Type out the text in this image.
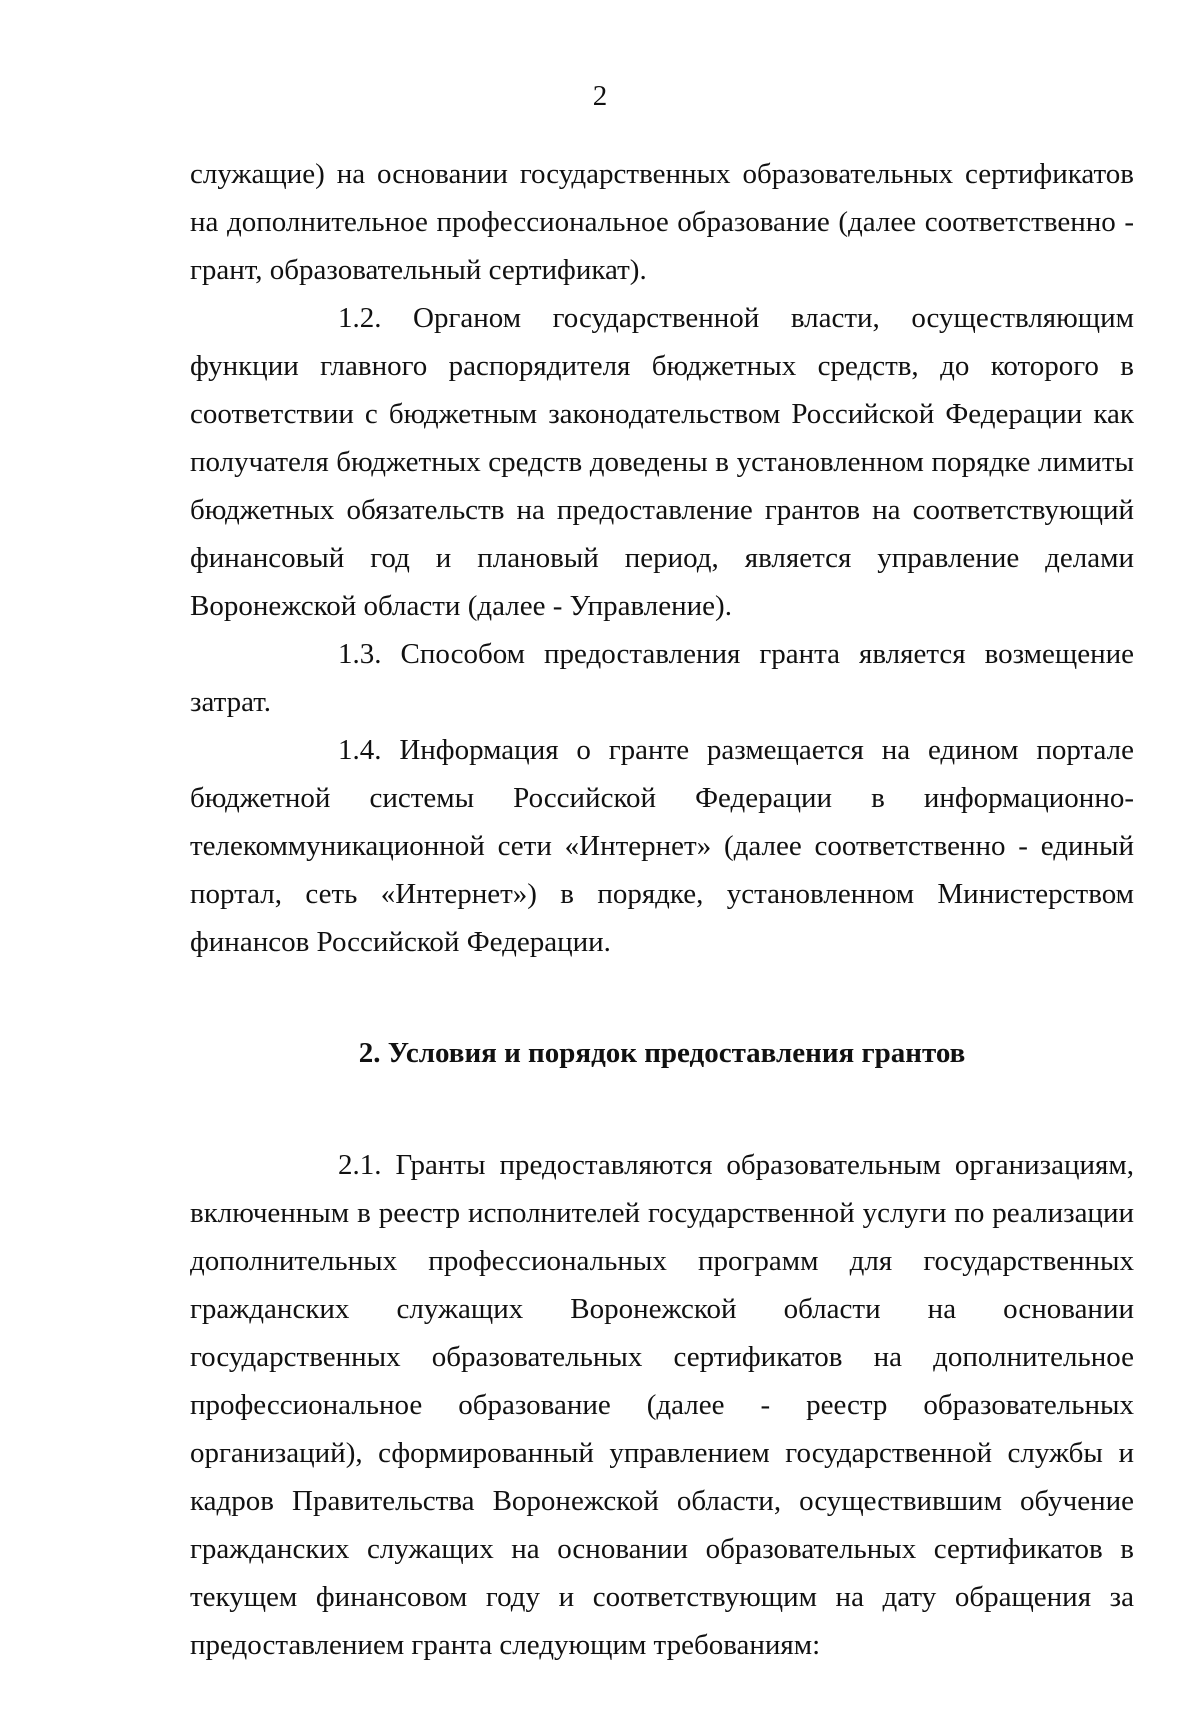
2

служащие) на основании государственных образовательных сертификатов на дополнительное профессиональное образование (далее соответственно - грант, образовательный сертификат).

1.2. Органом государственной власти, осуществляющим функции главного распорядителя бюджетных средств, до которого в соответствии с бюджетным законодательством Российской Федерации как получателя бюджетных средств доведены в установленном порядке лимиты бюджетных обязательств на предоставление грантов на соответствующий финансовый год и плановый период, является управление делами Воронежской области (далее - Управление).

1.3. Способом предоставления гранта является возмещение затрат.

1.4. Информация о гранте размещается на едином портале бюджетной системы Российской Федерации в информационно-телекоммуникационной сети «Интернет» (далее соответственно - единый портал, сеть «Интернет») в порядке, установленном Министерством финансов Российской Федерации.

2. Условия и порядок предоставления грантов

2.1. Гранты предоставляются образовательным организациям, включенным в реестр исполнителей государственной услуги по реализации дополнительных профессиональных программ для государственных гражданских служащих Воронежской области на основании государственных образовательных сертификатов на дополнительное профессиональное образование (далее - реестр образовательных организаций), сформированный управлением государственной службы и кадров Правительства Воронежской области, осуществившим обучение гражданских служащих на основании образовательных сертификатов в текущем финансовом году и соответствующим на дату обращения за предоставлением гранта следующим требованиям:
